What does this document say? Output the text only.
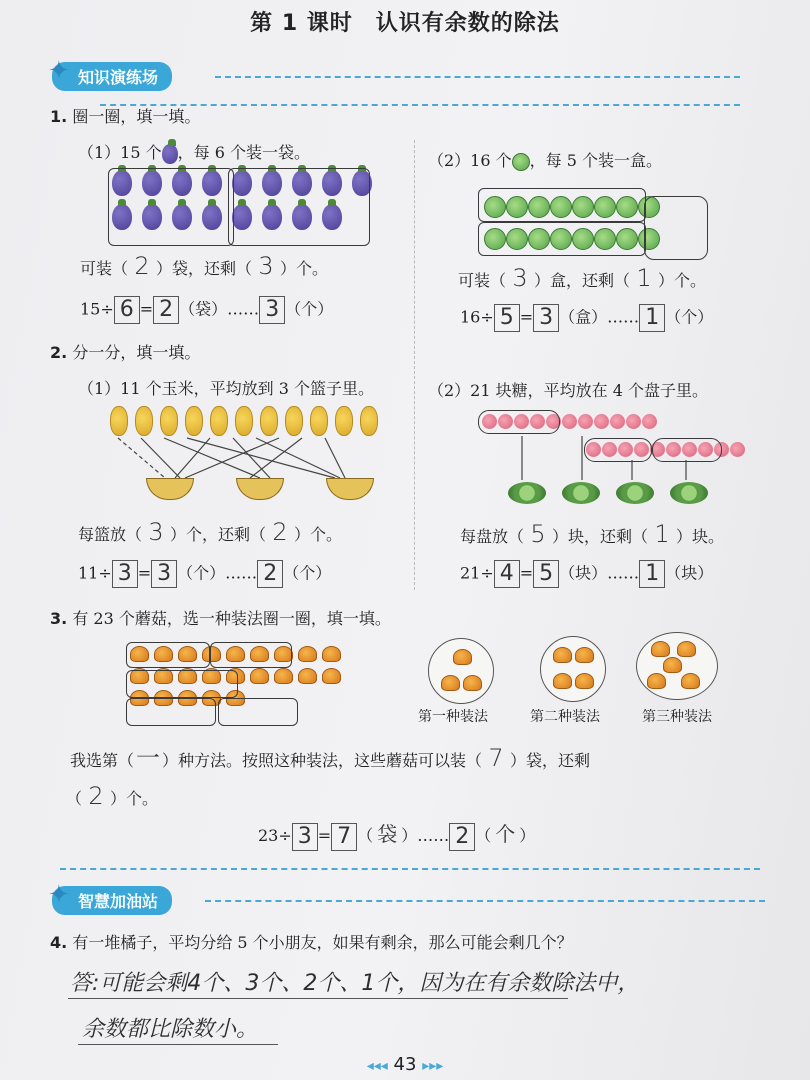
第 1 课时　认识有余数的除法
✦ 知识演练场
1. 圈一圈，填一填。
（1）15 个 ，每 6 个装一袋。
可装（ 2 ）袋，还剩（ 3 ）个。
15÷ 6 = 2 （袋）…… 3 （个）
（2）16 个 ，每 5 个装一盒。
可装（ 3 ）盒，还剩（ 1 ）个。
16÷ 5 = 3 （盒）…… 1 （个）
2. 分一分，填一填。
（1）11 个玉米，平均放到 3 个篮子里。
每篮放（ 3 ）个，还剩（ 2 ）个。
11÷ 3 = 3 （个）…… 2 （个）
（2）21 块糖，平均放在 4 个盘子里。
每盘放（ 5 ）块，还剩（ 1 ）块。
21÷ 4 = 5 （块）…… 1 （块）
3. 有 23 个蘑菇，选一种装法圈一圈，填一填。
第一种装法	第二种装法	第三种装法
我选第（一 ）种方法。按照这种装法，这些蘑菇可以装（ 7 ）袋，还剩
（ 2 ）个。
23÷ 3 = 7 （ 袋 ）…… 2 （ 个 ）
✦ 智慧加油站
4. 有一堆橘子，平均分给 5 个小朋友，如果有剩余，那么可能会剩几个？
答:可能会剩4个、3个、2个、1个，因为在有余数除法中，
余数都比除数小。
◂◂◂ 43 ▸▸▸
